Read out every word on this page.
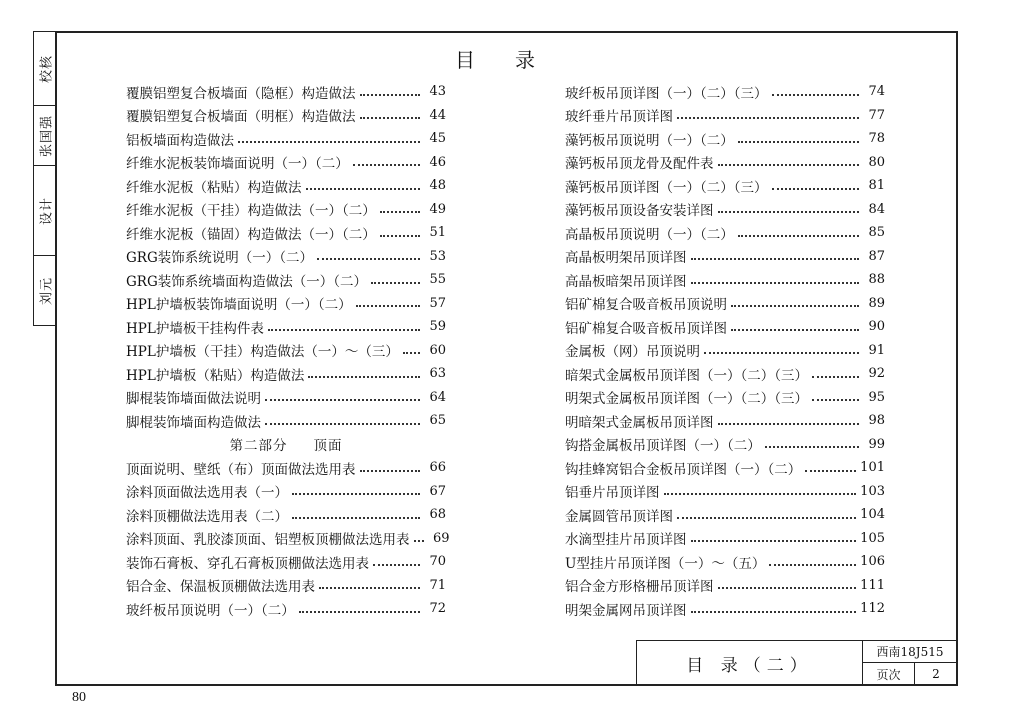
校核
张国强
设计
刘元
目录
覆膜铝塑复合板墙面（隐框）构造做法	43
覆膜铝塑复合板墙面（明框）构造做法	44
铝板墙面构造做法	45
纤维水泥板装饰墙面说明（一）（二）	46
纤维水泥板（粘贴）构造做法	48
纤维水泥板（干挂）构造做法（一）（二）	49
纤维水泥板（锚固）构造做法（一）（二）	51
GRG装饰系统说明（一）（二）	53
GRG装饰系统墙面构造做法（一）（二）	55
HPL护墙板装饰墙面说明（一）（二）	57
HPL护墙板干挂构件表	59
HPL护墙板（干挂）构造做法（一）～（三）	60
HPL护墙板（粘贴）构造做法	63
脚棍装饰墙面做法说明	64
脚棍装饰墙面构造做法	65
第二部分 顶面
顶面说明、壁纸（布）顶面做法选用表	66
涂料顶面做法选用表（一）	67
涂料顶棚做法选用表（二）	68
涂料顶面、乳胶漆顶面、铝塑板顶棚做法选用表	69
装饰石膏板、穿孔石膏板顶棚做法选用表	70
铝合金、保温板顶棚做法选用表	71
玻纤板吊顶说明（一）（二）	72
玻纤板吊顶详图（一）（二）（三）	74
玻纤垂片吊顶详图	77
藻钙板吊顶说明（一）（二）	78
藻钙板吊顶龙骨及配件表	80
藻钙板吊顶详图（一）（二）（三）	81
藻钙板吊顶设备安装详图	84
高晶板吊顶说明（一）（二）	85
高晶板明架吊顶详图	87
高晶板暗架吊顶详图	88
铝矿棉复合吸音板吊顶说明	89
铝矿棉复合吸音板吊顶详图	90
金属板（网）吊顶说明	91
暗架式金属板吊顶详图（一）（二）（三）	92
明架式金属板吊顶详图（一）（二）（三）	95
明暗架式金属板吊顶详图	98
钩搭金属板吊顶详图（一）（二）	99
钩挂蜂窝铝合金板吊顶详图（一）（二）	101
铝垂片吊顶详图	103
金属圆管吊顶详图	104
水滴型挂片吊顶详图	105
U型挂片吊顶详图（一）～（五）	106
铝合金方形格栅吊顶详图	111
明架金属网吊顶详图	112
目 录（二）
西南18J515
页次	2
80
